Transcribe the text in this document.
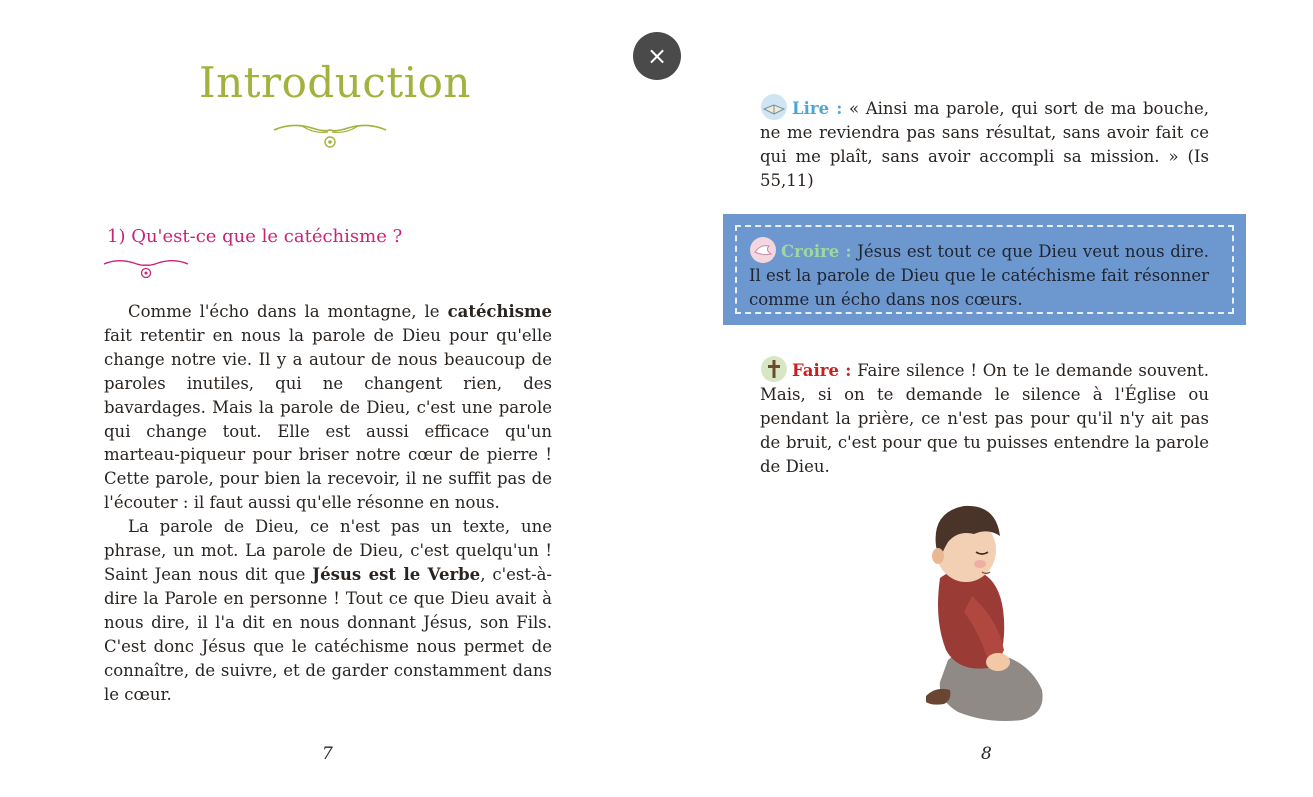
×
Introduction
1) Qu'est-ce que le catéchisme ?

Comme l'écho dans la montagne, le catéchisme fait retentir en nous la parole de Dieu pour qu'elle change notre vie. Il y a autour de nous beaucoup de paroles inutiles, qui ne changent rien, des bavardages. Mais la parole de Dieu, c'est une parole qui change tout. Elle est aussi efficace qu'un marteau-piqueur pour briser notre cœur de pierre ! Cette parole, pour bien la recevoir, il ne suffit pas de l'écouter : il faut aussi qu'elle résonne en nous.

La parole de Dieu, ce n'est pas un texte, une phrase, un mot. La parole de Dieu, c'est quelqu'un ! Saint Jean nous dit que Jésus est le Verbe, c'est-à-dire la Parole en personne ! Tout ce que Dieu avait à nous dire, il l'a dit en nous donnant Jésus, son Fils. C'est donc Jésus que le catéchisme nous permet de connaître, de suivre, et de garder constamment dans le cœur.

7
Lire : « Ainsi ma parole, qui sort de ma bouche, ne me reviendra pas sans résultat, sans avoir fait ce qui me plaît, sans avoir accompli sa mission. » (Is 55,11)
Croire : Jésus est tout ce que Dieu veut nous dire. Il est la parole de Dieu que le catéchisme fait résonner comme un écho dans nos cœurs.
Faire : Faire silence ! On te le demande souvent. Mais, si on te demande le silence à l'Église ou pendant la prière, ce n'est pas pour qu'il n'y ait pas de bruit, c'est pour que tu puisses entendre la parole de Dieu.
8
